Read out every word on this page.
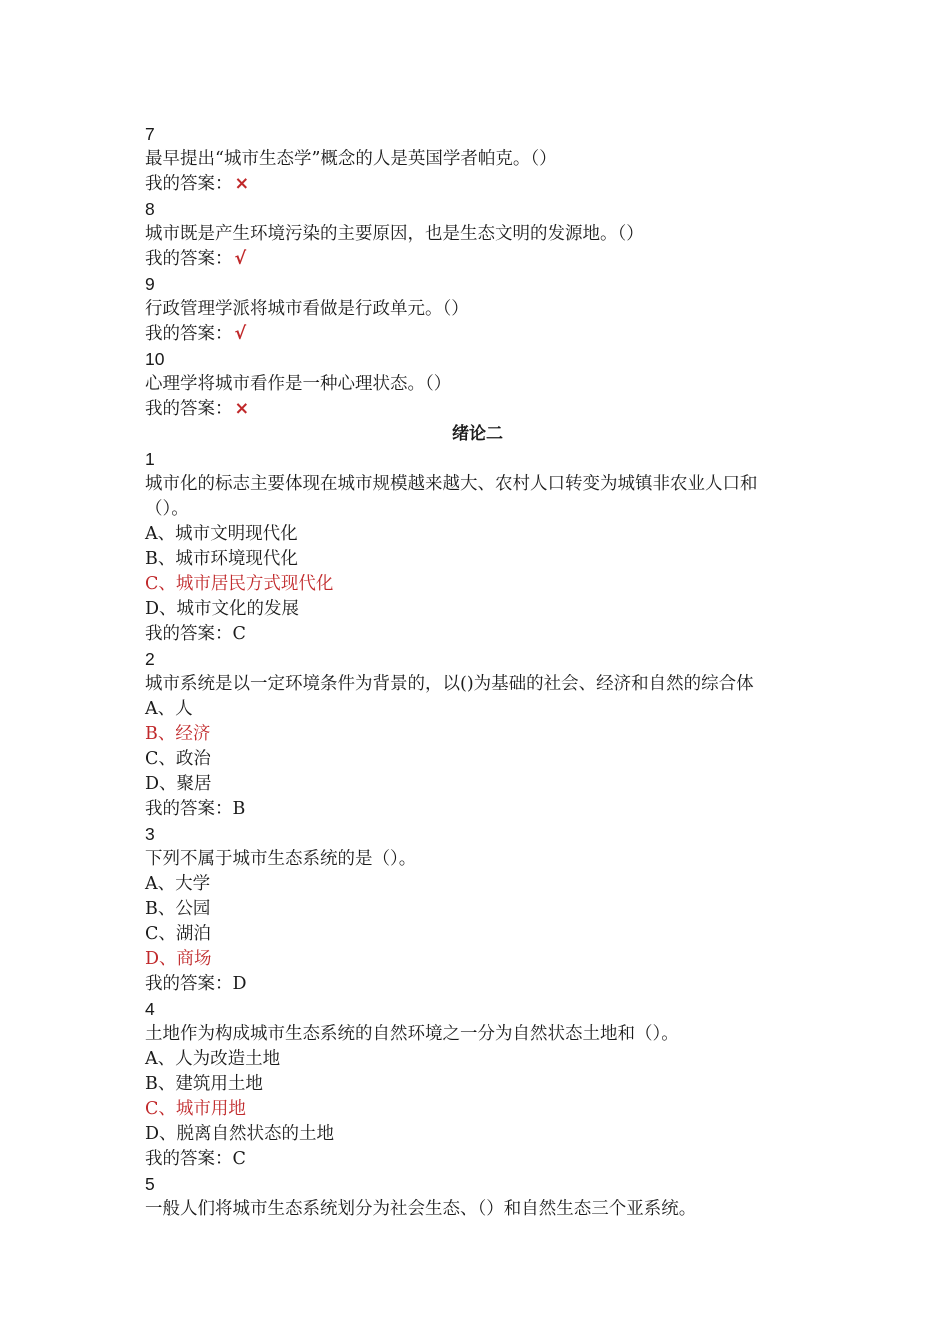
7
最早提出“城市生态学”概念的人是英国学者帕克。（）
我的答案： ×
8
城市既是产生环境污染的主要原因，也是生态文明的发源地。（）
我的答案： √
9
行政管理学派将城市看做是行政单元。（）
我的答案： √
10
心理学将城市看作是一种心理状态。（）
我的答案： ×
绪论二
1
城市化的标志主要体现在城市规模越来越大、农村人口转变为城镇非农业人口和
（）。
A、城市文明现代化
B、城市环境现代化
C、城市居民方式现代化
D、城市文化的发展
我的答案：C
2
城市系统是以一定环境条件为背景的，以()为基础的社会、经济和自然的综合体
A、人
B、经济
C、政治
D、聚居
我的答案：B
3
下列不属于城市生态系统的是（）。
A、大学
B、公园
C、湖泊
D、商场
我的答案：D
4
土地作为构成城市生态系统的自然环境之一分为自然状态土地和（）。
A、人为改造土地
B、建筑用土地
C、城市用地
D、脱离自然状态的土地
我的答案：C
5
一般人们将城市生态系统划分为社会生态、（）和自然生态三个亚系统。
